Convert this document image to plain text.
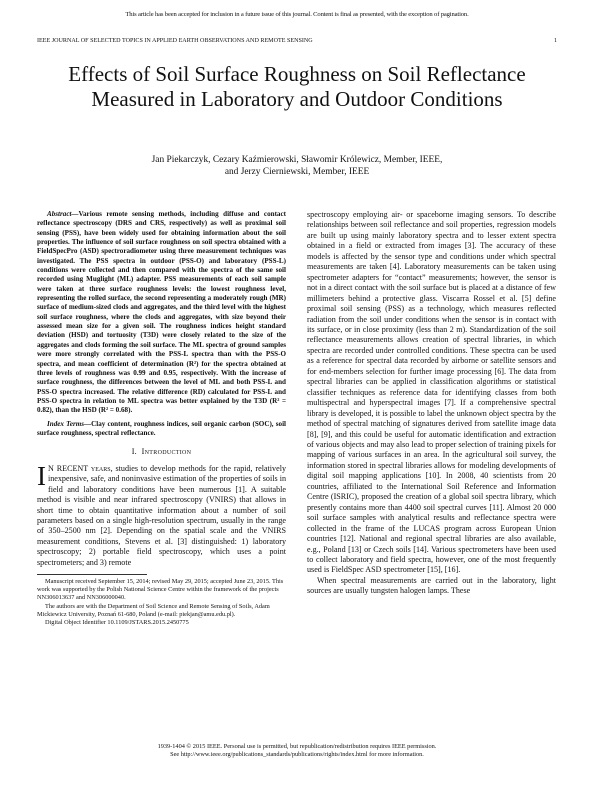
This article has been accepted for inclusion in a future issue of this journal. Content is final as presented, with the exception of pagination.
IEEE JOURNAL OF SELECTED TOPICS IN APPLIED EARTH OBSERVATIONS AND REMOTE SENSING	1
Effects of Soil Surface Roughness on Soil Reflectance Measured in Laboratory and Outdoor Conditions
Jan Piekarczyk, Cezary Kaźmierowski, Sławomir Królewicz, Member, IEEE,
and Jerzy Cierniewski, Member, IEEE

Abstract—Various remote sensing methods, including diffuse and contact reflectance spectroscopy (DRS and CRS, respectively) as well as proximal soil sensing (PSS), have been widely used for obtaining information about the soil properties. The influence of soil surface roughness on soil spectra obtained with a FieldSpecPro (ASD) spectroradiometer using three measurement techniques was investigated. The PSS spectra in outdoor (PSS-O) and laboratory (PSS-L) conditions were collected and then compared with the spectra of the same soil recorded using Muglight (ML) adapter. PSS measurements of each soil sample were taken at three surface roughness levels: the lowest roughness level, representing the rolled surface, the second representing a moderately rough (MR) surface of medium-sized clods and aggregates, and the third level with the highest soil surface roughness, where the clods and aggregates, with size beyond their assessed mean size for a given soil. The roughness indices height standard deviation (HSD) and tortuosity (T3D) were closely related to the size of the aggregates and clods forming the soil surface. The ML spectra of ground samples were more strongly correlated with the PSS-L spectra than with the PSS-O spectra, and mean coefficient of determination (R²) for the spectra obtained at three levels of roughness was 0.99 and 0.95, respectively. With the increase of surface roughness, the differences between the level of ML and both PSS-L and PSS-O spectra increased. The relative difference (RD) calculated for PSS-L and PSS-O spectra in relation to ML spectra was better explained by the T3D (R² = 0.82), than the HSD (R² = 0.68).

Index Terms—Clay content, roughness indices, soil organic carbon (SOC), soil surface roughness, spectral reflectance.

I. Introduction

I N RECENT years, studies to develop methods for the rapid, relatively inexpensive, safe, and noninvasive estimation of the properties of soils in field and laboratory conditions have been numerous [1]. A suitable method is visible and near infrared spectroscopy (VNIRS) that allows in short time to obtain quantitative information about a number of soil parameters based on a single high-resolution spectrum, usually in the range of 350–2500 nm [2]. Depending on the spatial scale and the VNIRS measurement conditions, Stevens et al. [3] distinguished: 1) laboratory spectroscopy; 2) portable field spectroscopy, which uses a point spectrometers; and 3) remote

Manuscript received September 15, 2014; revised May 29, 2015; accepted June 23, 2015. This work was supported by the Polish National Science Centre within the framework of the projects NN306013637 and NN306000040.

The authors are with the Department of Soil Science and Remote Sensing of Soils, Adam Mickiewicz University, Poznań 61-680, Poland (e-mail: piekjan@amu.edu.pl).

Digital Object Identifier 10.1109/JSTARS.2015.2450775

spectroscopy employing air- or spaceborne imaging sensors. To describe relationships between soil reflectance and soil properties, regression models are built up using mainly laboratory spectra and to lesser extent spectra obtained in a field or extracted from images [3]. The accuracy of these models is affected by the sensor type and conditions under which spectral measurements are taken [4]. Laboratory measurements can be taken using spectrometer adapters for “contact” measurements; however, the sensor is not in a direct contact with the soil surface but is placed at a distance of few millimeters behind a protective glass. Viscarra Rossel et al. [5] define proximal soil sensing (PSS) as a technology, which measures reflected radiation from the soil under conditions when the sensor is in contact with its surface, or in close proximity (less than 2 m). Standardization of the soil reflectance measurements allows creation of spectral libraries, in which spectra are recorded under controlled conditions. These spectra can be used as a reference for spectral data recorded by airborne or satellite sensors and for end-members selection for further image processing [6]. The data from spectral libraries can be applied in classification algorithms or statistical classifier techniques as reference data for identifying classes from both multispectral and hyperspectral images [7]. If a comprehensive spectral library is developed, it is possible to label the unknown object spectra by the method of spectral matching of signatures derived from satellite image data [8], [9], and this could be useful for automatic identification and extraction of various objects and may also lead to proper selection of training pixels for mapping of various surfaces in an area. In the agricultural soil survey, the information stored in spectral libraries allows for modeling developments of digital soil mapping applications [10]. In 2008, 40 scientists from 20 countries, affiliated to the International Soil Reference and Information Centre (ISRIC), proposed the creation of a global soil spectra library, which presently contains more than 4400 soil spectral curves [11]. Almost 20 000 soil surface samples with analytical results and reflectance spectra were collected in the frame of the LUCAS program across European Union countries [12]. National and regional spectral libraries are also available, e.g., Poland [13] or Czech soils [14]. Various spectrometers have been used to collect laboratory and field spectra, however, one of the most frequently used is FieldSpec ASD spectrometer [15], [16].

When spectral measurements are carried out in the laboratory, light sources are usually tungsten halogen lamps. These

1939-1404 © 2015 IEEE. Personal use is permitted, but republication/redistribution requires IEEE permission.
See http://www.ieee.org/publications_standards/publications/rights/index.html for more information.
